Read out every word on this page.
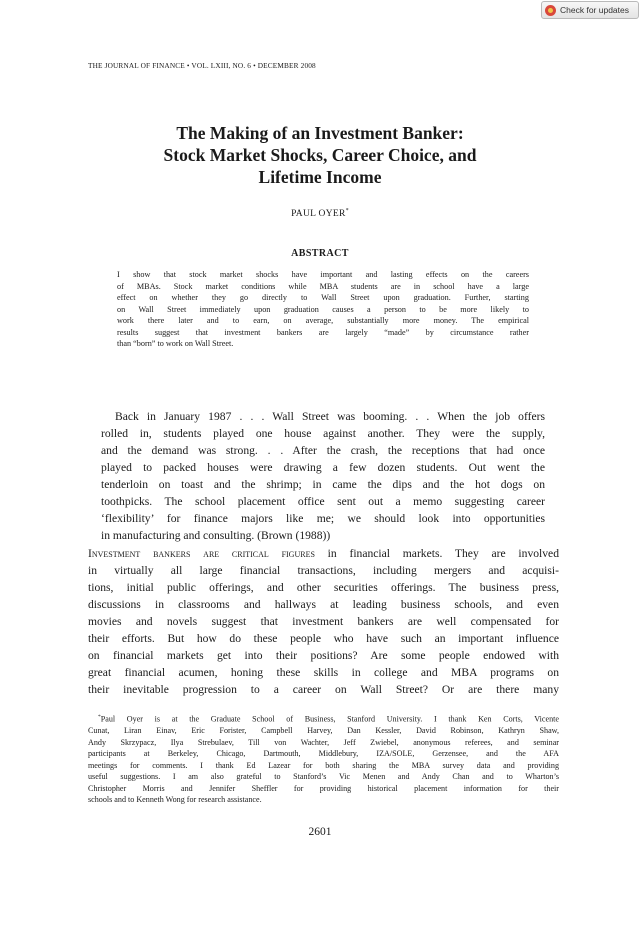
Check for updates
THE JOURNAL OF FINANCE • VOL. LXIII, NO. 6 • DECEMBER 2008
The Making of an Investment Banker:
Stock Market Shocks, Career Choice, and
Lifetime Income
PAUL OYER*
ABSTRACT
I show that stock market shocks have important and lasting effects on the careers
of MBAs. Stock market conditions while MBA students are in school have a large
effect on whether they go directly to Wall Street upon graduation. Further, starting
on Wall Street immediately upon graduation causes a person to be more likely to
work there later and to earn, on average, substantially more money. The empirical
results suggest that investment bankers are largely “made” by circumstance rather
than “born” to work on Wall Street.
Back in January 1987 . . . Wall Street was booming. . . When the job offers
rolled in, students played one house against another. They were the supply,
and the demand was strong. . . After the crash, the receptions that had once
played to packed houses were drawing a few dozen students. Out went the
tenderloin on toast and the shrimp; in came the dips and the hot dogs on
toothpicks. The school placement office sent out a memo suggesting career
‘flexibility’ for finance majors like me; we should look into opportunities
in manufacturing and consulting. (Brown (1988))
Investment bankers are critical figures in financial markets. They are involved
in virtually all large financial transactions, including mergers and acquisi-
tions, initial public offerings, and other securities offerings. The business press,
discussions in classrooms and hallways at leading business schools, and even
movies and novels suggest that investment bankers are well compensated for
their efforts. But how do these people who have such an important influence
on financial markets get into their positions? Are some people endowed with
great financial acumen, honing these skills in college and MBA programs on
their inevitable progression to a career on Wall Street? Or are there many
*Paul Oyer is at the Graduate School of Business, Stanford University. I thank Ken Corts, Vicente
Cunat, Liran Einav, Eric Forister, Campbell Harvey, Dan Kessler, David Robinson, Kathryn Shaw,
Andy Skrzypacz, Ilya Strebulaev, Till von Wachter, Jeff Zwiebel, anonymous referees, and seminar
participants at Berkeley, Chicago, Dartmouth, Middlebury, IZA/SOLE, Gerzensee, and the AFA
meetings for comments. I thank Ed Lazear for both sharing the MBA survey data and providing
useful suggestions. I am also grateful to Stanford’s Vic Menen and Andy Chan and to Wharton’s
Christopher Morris and Jennifer Sheffler for providing historical placement information for their
schools and to Kenneth Wong for research assistance.
2601
